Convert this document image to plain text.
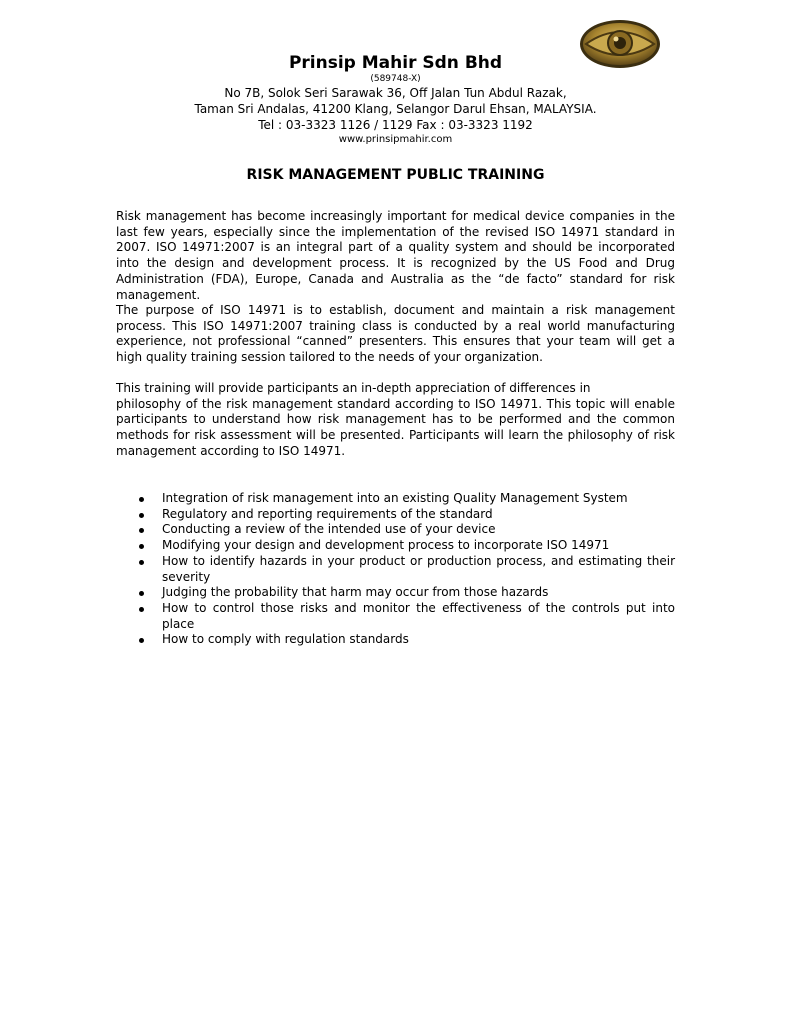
Prinsip Mahir Sdn Bhd

(589748-X)

No 7B, Solok Seri Sarawak 36, Off Jalan Tun Abdul Razak,

Taman Sri Andalas, 41200 Klang, Selangor Darul Ehsan, MALAYSIA.

Tel : 03-3323 1126 / 1129 Fax : 03-3323 1192

www.prinsipmahir.com

RISK MANAGEMENT PUBLIC TRAINING

Risk management has become increasingly important for medical device companies in the last few years, especially since the implementation of the revised ISO 14971 standard in 2007. ISO 14971:2007 is an integral part of a quality system and should be incorporated into the design and development process. It is recognized by the US Food and Drug Administration (FDA), Europe, Canada and Australia as the “de facto” standard for risk management.

The purpose of ISO 14971 is to establish, document and maintain a risk management process. This ISO 14971:2007 training class is conducted by a real world manufacturing experience, not professional “canned” presenters. This ensures that your team will get a high quality training session tailored to the needs of your organization.

This training will provide participants an in-depth appreciation of differences in
philosophy of the risk management standard according to ISO 14971. This topic will enable participants to understand how risk management has to be performed and the common methods for risk assessment will be presented. Participants will learn the philosophy of risk management according to ISO 14971.

Integration of risk management into an existing Quality Management System
Regulatory and reporting requirements of the standard
Conducting a review of the intended use of your device
Modifying your design and development process to incorporate ISO 14971
How to identify hazards in your product or production process, and estimating their severity
Judging the probability that harm may occur from those hazards
How to control those risks and monitor the effectiveness of the controls put into place
How to comply with regulation standards
